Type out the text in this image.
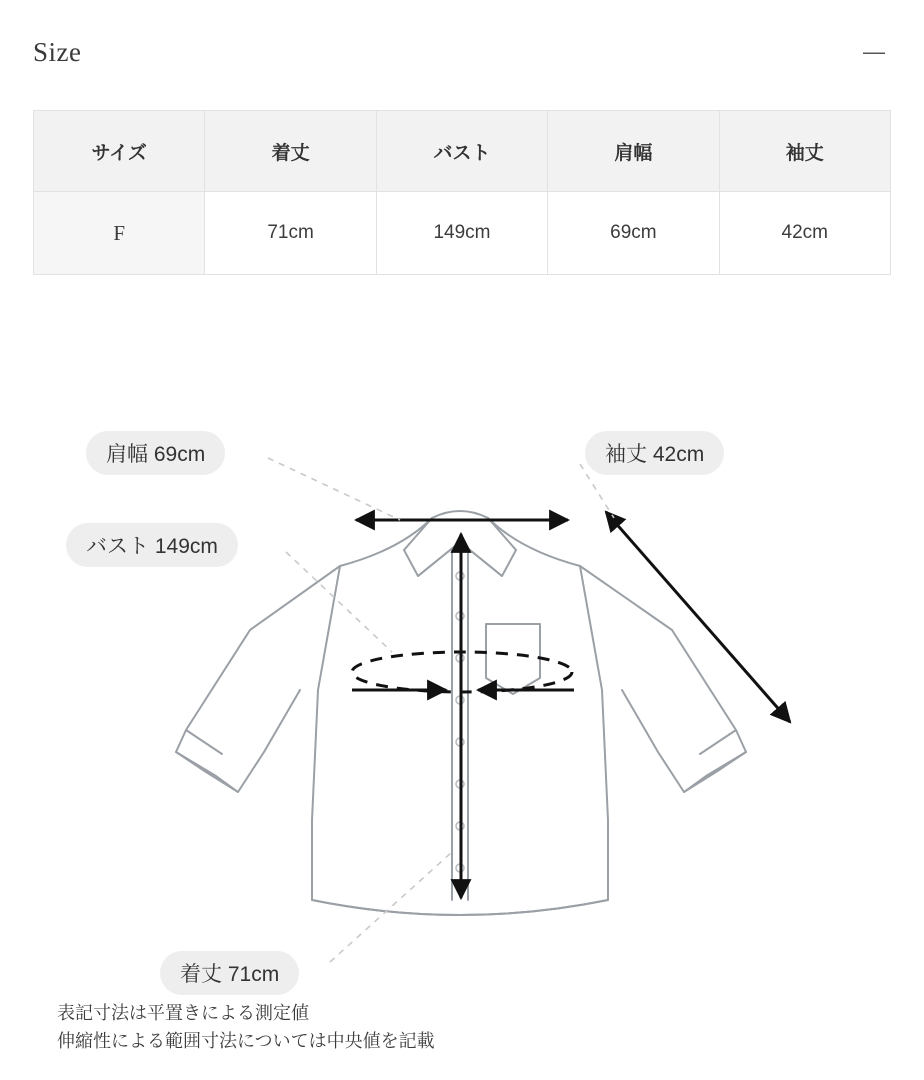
Size	—
サイズ	着丈	バスト	肩幅	袖丈
F	71cm	149cm	69cm	42cm
肩幅 69cm	袖丈 42cm
バスト 149cm
着丈 71cm
表記寸法は平置きによる測定値
伸縮性による範囲寸法については中央値を記載
